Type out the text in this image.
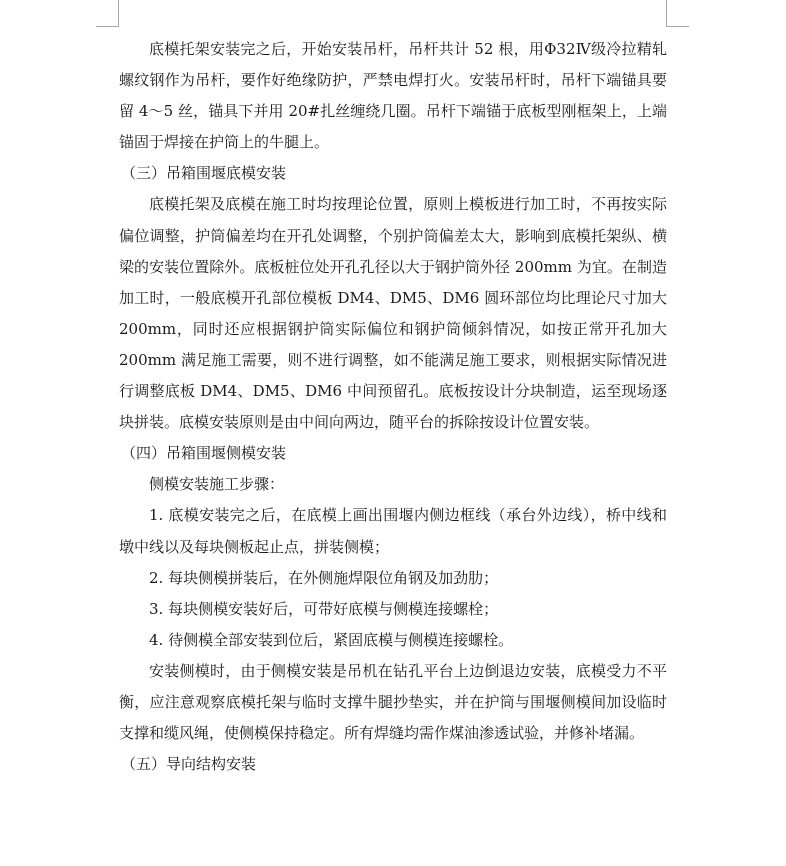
底模托架安装完之后，开始安装吊杆，吊杆共计 52 根，用Φ32Ⅳ级冷拉精轧螺纹钢作为吊杆，要作好绝缘防护，严禁电焊打火。安装吊杆时，吊杆下端锚具要留 4～5 丝，锚具下并用 20#扎丝缠绕几圈。吊杆下端锚于底板型刚框架上，上端锚固于焊接在护筒上的牛腿上。

（三）吊箱围堰底模安装

底模托架及底模在施工时均按理论位置，原则上模板进行加工时，不再按实际偏位调整，护筒偏差均在开孔处调整，个别护筒偏差太大，影响到底模托架纵、横梁的安装位置除外。底板桩位处开孔孔径以大于钢护筒外径 200mm 为宜。在制造加工时，一般底模开孔部位模板 DM4、DM5、DM6 圆环部位均比理论尺寸加大 200mm，同时还应根据钢护筒实际偏位和钢护筒倾斜情况，如按正常开孔加大 200mm 满足施工需要，则不进行调整，如不能满足施工要求，则根据实际情况进行调整底板 DM4、DM5、DM6 中间预留孔。底板按设计分块制造，运至现场逐块拼装。底模安装原则是由中间向两边，随平台的拆除按设计位置安装。

（四）吊箱围堰侧模安装

侧模安装施工步骤：

1. 底模安装完之后，在底模上画出围堰内侧边框线（承台外边线），桥中线和墩中线以及每块侧板起止点，拼装侧模；

2. 每块侧模拼装后，在外侧施焊限位角钢及加劲肋；

3. 每块侧模安装好后，可带好底模与侧模连接螺栓；

4. 待侧模全部安装到位后，紧固底模与侧模连接螺栓。

安装侧模时，由于侧模安装是吊机在钻孔平台上边倒退边安装，底模受力不平衡，应注意观察底模托架与临时支撑牛腿抄垫实，并在护筒与围堰侧模间加设临时支撑和缆风绳，使侧模保持稳定。所有焊缝均需作煤油渗透试验，并修补堵漏。

（五）导向结构安装
